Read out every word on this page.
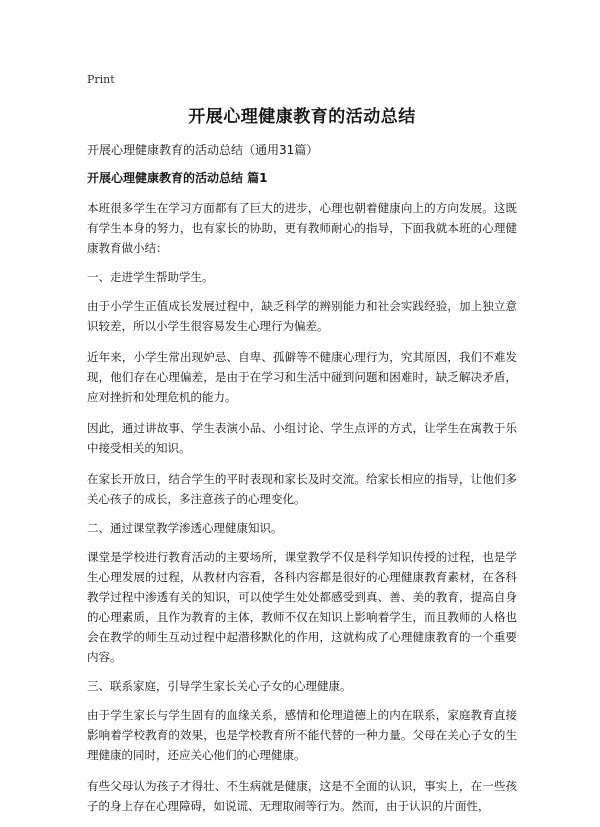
Print
开展心理健康教育的活动总结
开展心理健康教育的活动总结（通用31篇）
开展心理健康教育的活动总结 篇1

本班很多学生在学习方面都有了巨大的进步，心理也朝着健康向上的方向发展。这既有学生本身的努力，也有家长的协助，更有教师耐心的指导，下面我就本班的心理健康教育做小结：

一、走进学生帮助学生。

由于小学生正值成长发展过程中，缺乏科学的辨别能力和社会实践经验，加上独立意识较差，所以小学生很容易发生心理行为偏差。

近年来，小学生常出现妒忌、自卑、孤僻等不健康心理行为，究其原因，我们不难发现，他们存在心理偏差，是由于在学习和生活中碰到问题和困难时，缺乏解决矛盾，应对挫折和处理危机的能力。

因此，通过讲故事、学生表演小品、小组讨论、学生点评的方式，让学生在寓教于乐中接受相关的知识。

在家长开放日，结合学生的平时表现和家长及时交流。给家长相应的指导，让他们多关心孩子的成长，多注意孩子的心理变化。

二、通过课堂教学渗透心理健康知识。

课堂是学校进行教育活动的主要场所，课堂教学不仅是科学知识传授的过程，也是学生心理发展的过程，从教材内容看，各科内容都是很好的心理健康教育素材，在各科教学过程中渗透有关的知识，可以使学生处处都感受到真、善、美的教育，提高自身的心理素质，且作为教育的主体，教师不仅在知识上影响着学生，而且教师的人格也会在教学的师生互动过程中起潜移默化的作用，这就构成了心理健康教育的一个重要内容。

三、联系家庭，引导学生家长关心子女的心理健康。

由于学生家长与学生固有的血缘关系，感情和伦理道德上的内在联系，家庭教育直接影响着学校教育的效果，也是学校教育所不能代替的一种力量。父母在关心子女的生理健康的同时，还应关心他们的心理健康。

有些父母认为孩子才得壮、不生病就是健康，这是不全面的认识，事实上，在一些孩子的身上存在心理障碍，如说谎、无理取闹等行为。然而，由于认识的片面性，
